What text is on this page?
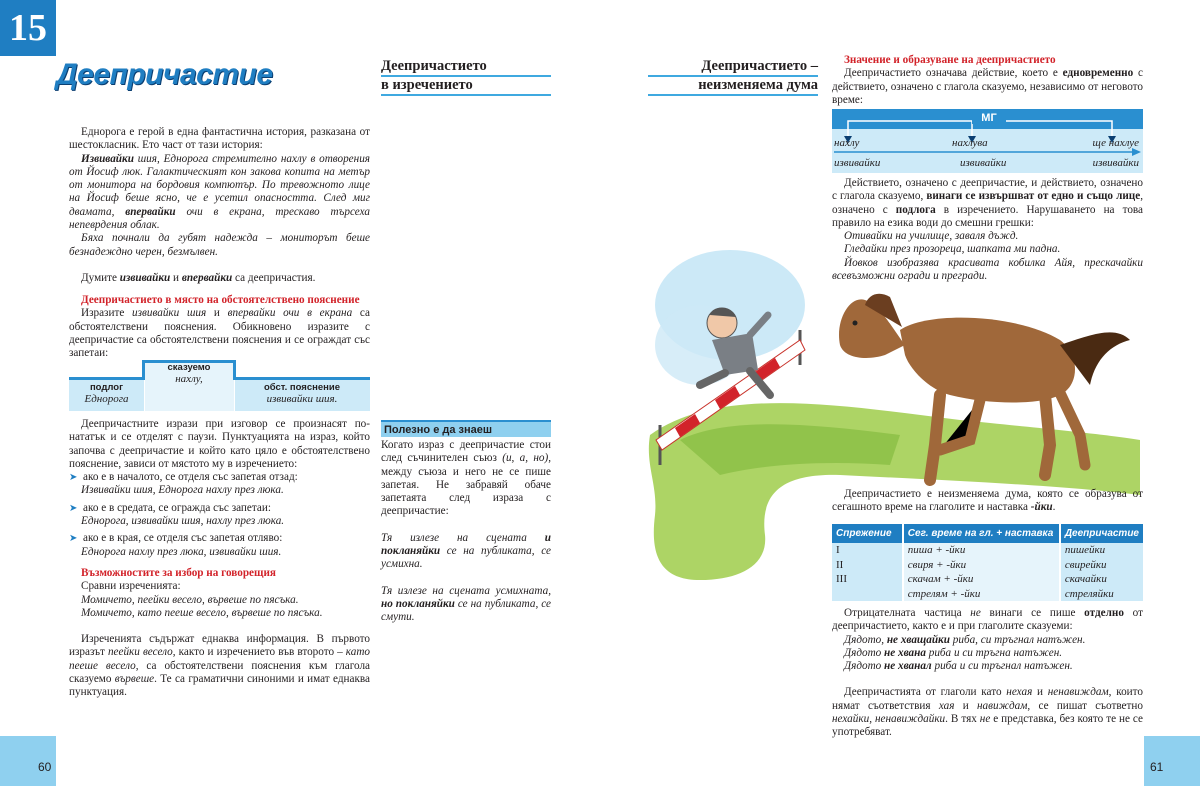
15
Деепричастие

Еднорога е герой в една фантастична история, разказана от шестокласник. Ето част от тази история:

Извивайки шия, Еднорога стремително нахлу в отворения от Йосиф люк. Галактическият кон закова копита на метър от монитора на бордовия компютър. По тревожното лице на Йосиф беше ясно, че е усетил опасността. След миг двамата, впервайки очи в екрана, трескаво търсеха непеврдения облак.

Бяха почнали да губят надежда – мониторът беше безнадеждно черен, безмълвен.

Думите извивайки и впервайки са деепричастия.

Деепричастието в място на обстоятелствено пояснение

Изразите извивайки шия и впервайки очи в екрана са обстоятелствени пояснения. Обикновено изразите с деепричастие са обстоятелствени пояснения и се ограждат със запетаи:

сказуемо
нахлу,
подлог
Еднорога
обст. пояснение
извивайки шия.

Деепричастните изрази при изговор се произнасят по-нататък и се отделят с паузи. Пунктуацията на израз, който започва с деепричастие и който като цяло е обстоятелствено пояснение, зависи от мястото му в изречението:

➤ ако е в началото, се отделя със запетая отзад:

Извивайки шия, Еднорога нахлу през люка.

➤ ако е в средата, се огражда със запетаи:

Еднорога, извивайки шия, нахлу през люка.

➤ ако е в края, се отделя със запетая отляво:

Еднорога нахлу през люка, извивайки шия.

Възможностите за избор на говорещия

Сравни изреченията:

Момичето, пеейки весело, вървеше по пясъка.

Момичето, като пееше весело, вървеше по пясъка.

Изреченията съдържат еднаква информация. В първото изразът пеейки весело, както и изречението във второто – като пееше весело, са обстоятелствени пояснения към глагола сказуемо вървеше. Те са граматични синоними и имат еднаква пунктуация.

Деепричастието
в изречението
Полезно е да знаеш

Когато израз с деепричастие стои след съчинителен съюз (и, а, но), между съюза и него не се пише запетая. Не забравяй обаче запетаята след израза с деепричастие:

Тя излезе на сцената и покланяйки се на публиката, се усмихна.

Тя излезе на сцената усмихната, но покланяйки се на публиката, се смути.

60
Деепричастието –
неизменяема дума

Значение и образуване на деепричастието

Деепричастието означава действие, което е едновременно с действието, означено с глагола сказуемо, независимо от неговото време:

МГ
нахлу	нахлува	ще нахлуе
извивайки	извивайки	извивайки

Действието, означено с деепричастие, и действието, означено с глагола сказуемо, винаги се извършват от едно и също лице, означено с подлога в изречението. Нарушаването на това правило на езика води до смешни грешки:

Отивайки на училище, заваля дъжд.

Гледайки през прозореца, шапката ми падна.

Йовков изобразява красивата кобилка Айя, прескачайки всевъзможни огради и прегради.

Деепричастието е неизменяема дума, която се образува от сегашното време на глаголите и наставка -йки.

Спрежение	Сег. време на гл. + наставка	Деепричастие
I	пиша + -йки	пишейки
II	свиря + -йки	свирейки
III	скачам + -йки	скачайки
	стрелям + -йки	стреляйки

Отрицателната частица не винаги се пише отделно от деепричастието, както е и при глаголите сказуеми:

Дядото, не хващайки риба, си тръгнал натъжен.

Дядото не хвана риба и си тръгна натъжен.

Дядото не хванал риба и си тръгнал натъжен.

Деепричастията от глаголи като нехая и ненавиждам, които нямат съответствия хая и навиждам, се пишат съответно нехайки, ненавиждайки. В тях не е представка, без която те не се употребяват.

61
